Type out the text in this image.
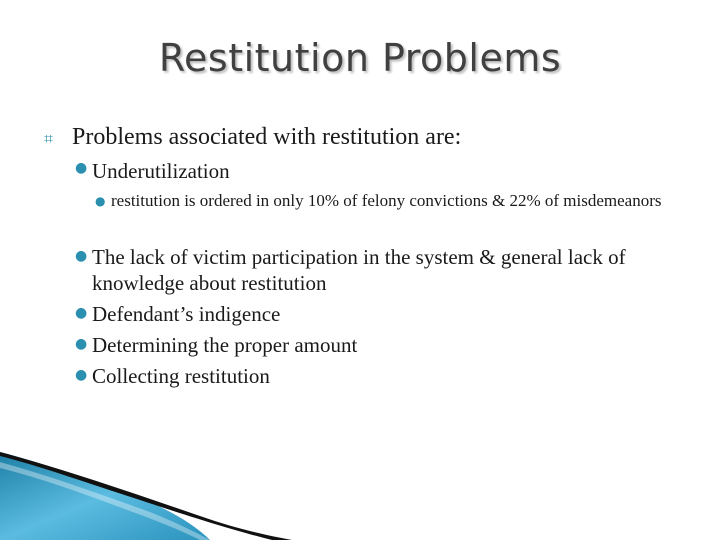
Restitution Problems
⌗ Problems associated with restitution are:
● Underutilization
● restitution is ordered in only 10% of felony convictions & 22% of misdemeanors
● The lack of victim participation in the system & general lack of knowledge about restitution
● Defendant’s indigence
● Determining the proper amount
● Collecting restitution
